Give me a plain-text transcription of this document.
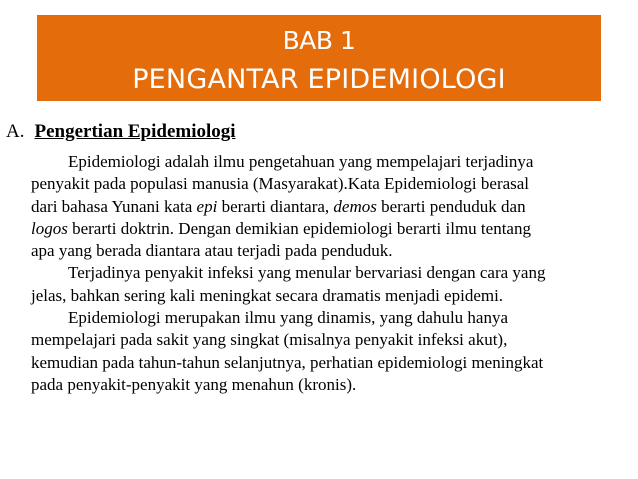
BAB 1
PENGANTAR EPIDEMIOLOGI
A. Pengertian Epidemiologi

Epidemiologi adalah ilmu pengetahuan yang mempelajari terjadinya
penyakit pada populasi manusia (Masyarakat).Kata Epidemiologi berasal
dari bahasa Yunani kata epi berarti diantara, demos berarti penduduk dan
logos berarti doktrin. Dengan demikian epidemiologi berarti ilmu tentang
apa yang berada diantara atau terjadi pada penduduk.

Terjadinya penyakit infeksi yang menular bervariasi dengan cara yang
jelas, bahkan sering kali meningkat secara dramatis menjadi epidemi.

Epidemiologi merupakan ilmu yang dinamis, yang dahulu hanya
mempelajari pada sakit yang singkat (misalnya penyakit infeksi akut),
kemudian pada tahun-tahun selanjutnya, perhatian epidemiologi meningkat
pada penyakit-penyakit yang menahun (kronis).
